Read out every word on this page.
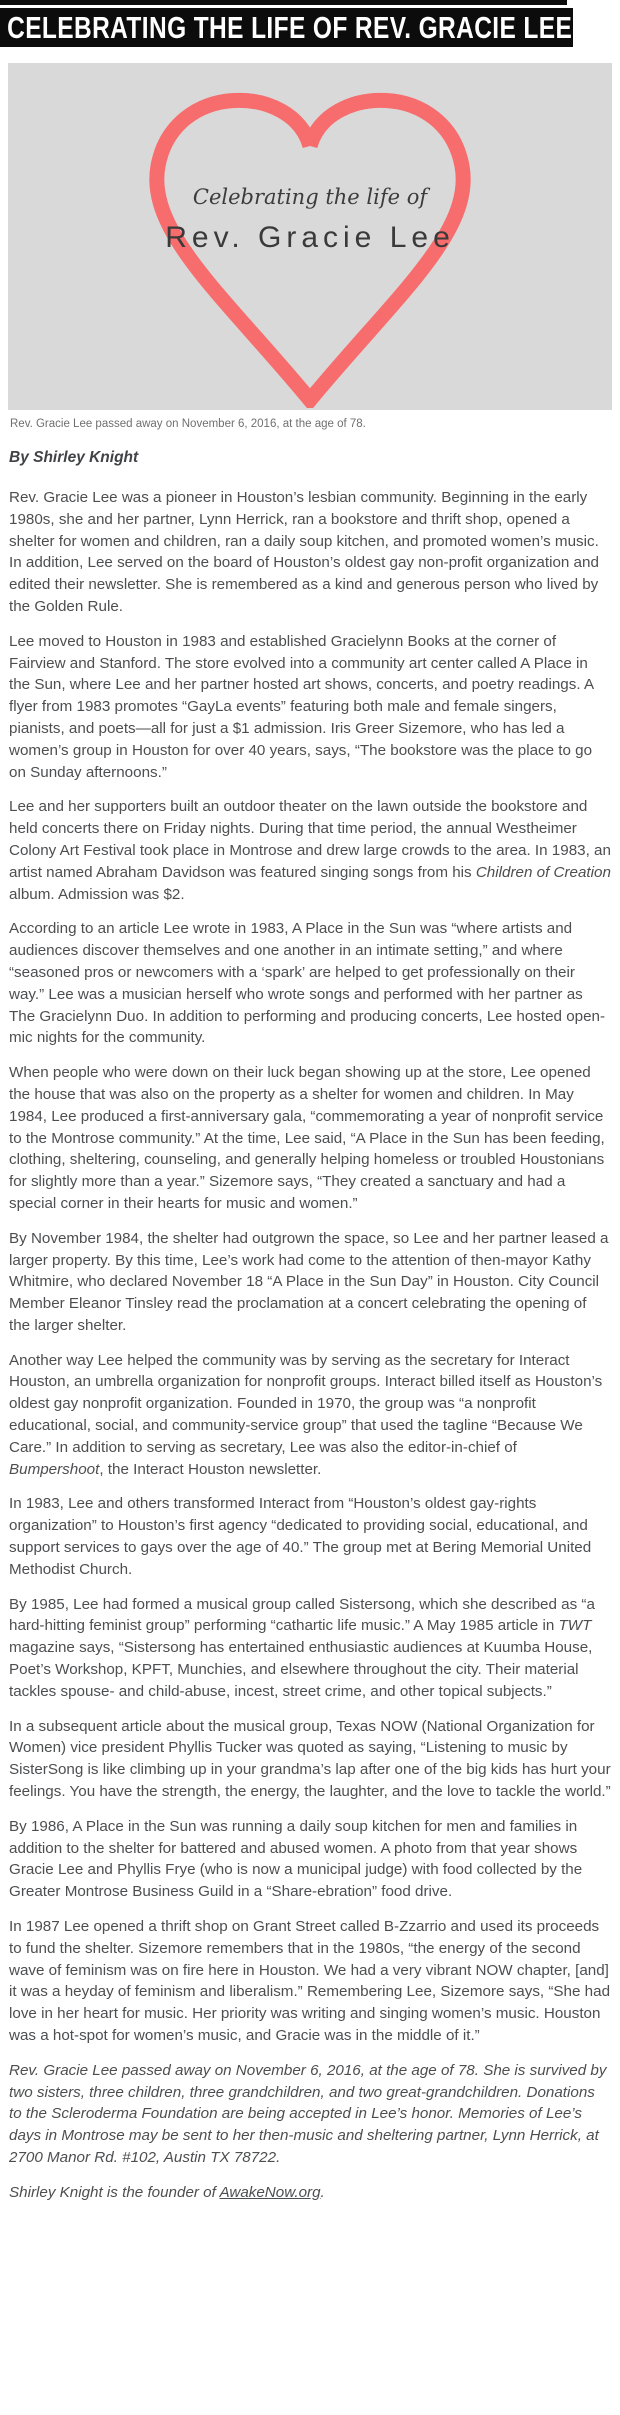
CELEBRATING THE LIFE OF REV. GRACIE LEE
Celebrating the life of
Rev. Gracie Lee
Rev. Gracie Lee passed away on November 6, 2016, at the age of 78.
By Shirley Knight

Rev. Gracie Lee was a pioneer in Houston’s lesbian community. Beginning in the early 1980s, she and her partner, Lynn Herrick, ran a bookstore and thrift shop, opened a shelter for women and children, ran a daily soup kitchen, and promoted women’s music. In addition, Lee served on the board of Houston’s oldest gay non-profit organization and edited their newsletter. She is remembered as a kind and generous person who lived by the Golden Rule.

Lee moved to Houston in 1983 and established Gracielynn Books at the corner of Fairview and Stanford. The store evolved into a community art center called A Place in the Sun, where Lee and her partner hosted art shows, concerts, and poetry readings. A flyer from 1983 promotes “GayLa events” featuring both male and female singers, pianists, and poets—all for just a $1 admission. Iris Greer Sizemore, who has led a women’s group in Houston for over 40 years, says, “The bookstore was the place to go on Sunday afternoons.”

Lee and her supporters built an outdoor theater on the lawn outside the bookstore and held concerts there on Friday nights. During that time period, the annual Westheimer Colony Art Festival took place in Montrose and drew large crowds to the area. In 1983, an artist named Abraham Davidson was featured singing songs from his Children of Creation album. Admission was $2.

According to an article Lee wrote in 1983, A Place in the Sun was “where artists and audiences discover themselves and one another in an intimate setting,” and where “seasoned pros or newcomers with a ‘spark’ are helped to get professionally on their way.” Lee was a musician herself who wrote songs and performed with her partner as The Gracielynn Duo. In addition to performing and producing concerts, Lee hosted open-mic nights for the community.

When people who were down on their luck began showing up at the store, Lee opened the house that was also on the property as a shelter for women and children. In May 1984, Lee produced a first-anniversary gala, “commemorating a year of nonprofit service to the Montrose community.” At the time, Lee said, “A Place in the Sun has been feeding, clothing, sheltering, counseling, and generally helping homeless or troubled Houstonians for slightly more than a year.” Sizemore says, “They created a sanctuary and had a special corner in their hearts for music and women.”

By November 1984, the shelter had outgrown the space, so Lee and her partner leased a larger property. By this time, Lee’s work had come to the attention of then-mayor Kathy Whitmire, who declared November 18 “A Place in the Sun Day” in Houston. City Council Member Eleanor Tinsley read the proclamation at a concert celebrating the opening of the larger shelter.

Another way Lee helped the community was by serving as the secretary for Interact Houston, an umbrella organization for nonprofit groups. Interact billed itself as Houston’s oldest gay nonprofit organization. Founded in 1970, the group was “a nonprofit educational, social, and community-service group” that used the tagline “Because We Care.” In addition to serving as secretary, Lee was also the editor-in-chief of Bumpershoot, the Interact Houston newsletter.

In 1983, Lee and others transformed Interact from “Houston’s oldest gay-rights organization” to Houston’s first agency “dedicated to providing social, educational, and support services to gays over the age of 40.” The group met at Bering Memorial United Methodist Church.

By 1985, Lee had formed a musical group called Sistersong, which she described as “a hard-hitting feminist group” performing “cathartic life music.” A May 1985 article in TWT magazine says, “Sistersong has entertained enthusiastic audiences at Kuumba House, Poet’s Workshop, KPFT, Munchies, and elsewhere throughout the city. Their material tackles spouse- and child-abuse, incest, street crime, and other topical subjects.”

In a subsequent article about the musical group, Texas NOW (National Organization for Women) vice president Phyllis Tucker was quoted as saying, “Listening to music by SisterSong is like climbing up in your grandma’s lap after one of the big kids has hurt your feelings. You have the strength, the energy, the laughter, and the love to tackle the world.”

By 1986, A Place in the Sun was running a daily soup kitchen for men and families in addition to the shelter for battered and abused women. A photo from that year shows Gracie Lee and Phyllis Frye (who is now a municipal judge) with food collected by the Greater Montrose Business Guild in a “Share-ebration” food drive.

In 1987 Lee opened a thrift shop on Grant Street called B-Zzarrio and used its proceeds to fund the shelter. Sizemore remembers that in the 1980s, “the energy of the second wave of feminism was on fire here in Houston. We had a very vibrant NOW chapter, [and] it was a heyday of feminism and liberalism.” Remembering Lee, Sizemore says, “She had love in her heart for music. Her priority was writing and singing women’s music. Houston was a hot-spot for women’s music, and Gracie was in the middle of it.”

Rev. Gracie Lee passed away on November 6, 2016, at the age of 78. She is survived by two sisters, three children, three grandchildren, and two great-grandchildren. Donations to the Scleroderma Foundation are being accepted in Lee’s honor. Memories of Lee’s days in Montrose may be sent to her then-music and sheltering partner, Lynn Herrick, at 2700 Manor Rd. #102, Austin TX 78722.

Shirley Knight is the founder of AwakeNow.org.
